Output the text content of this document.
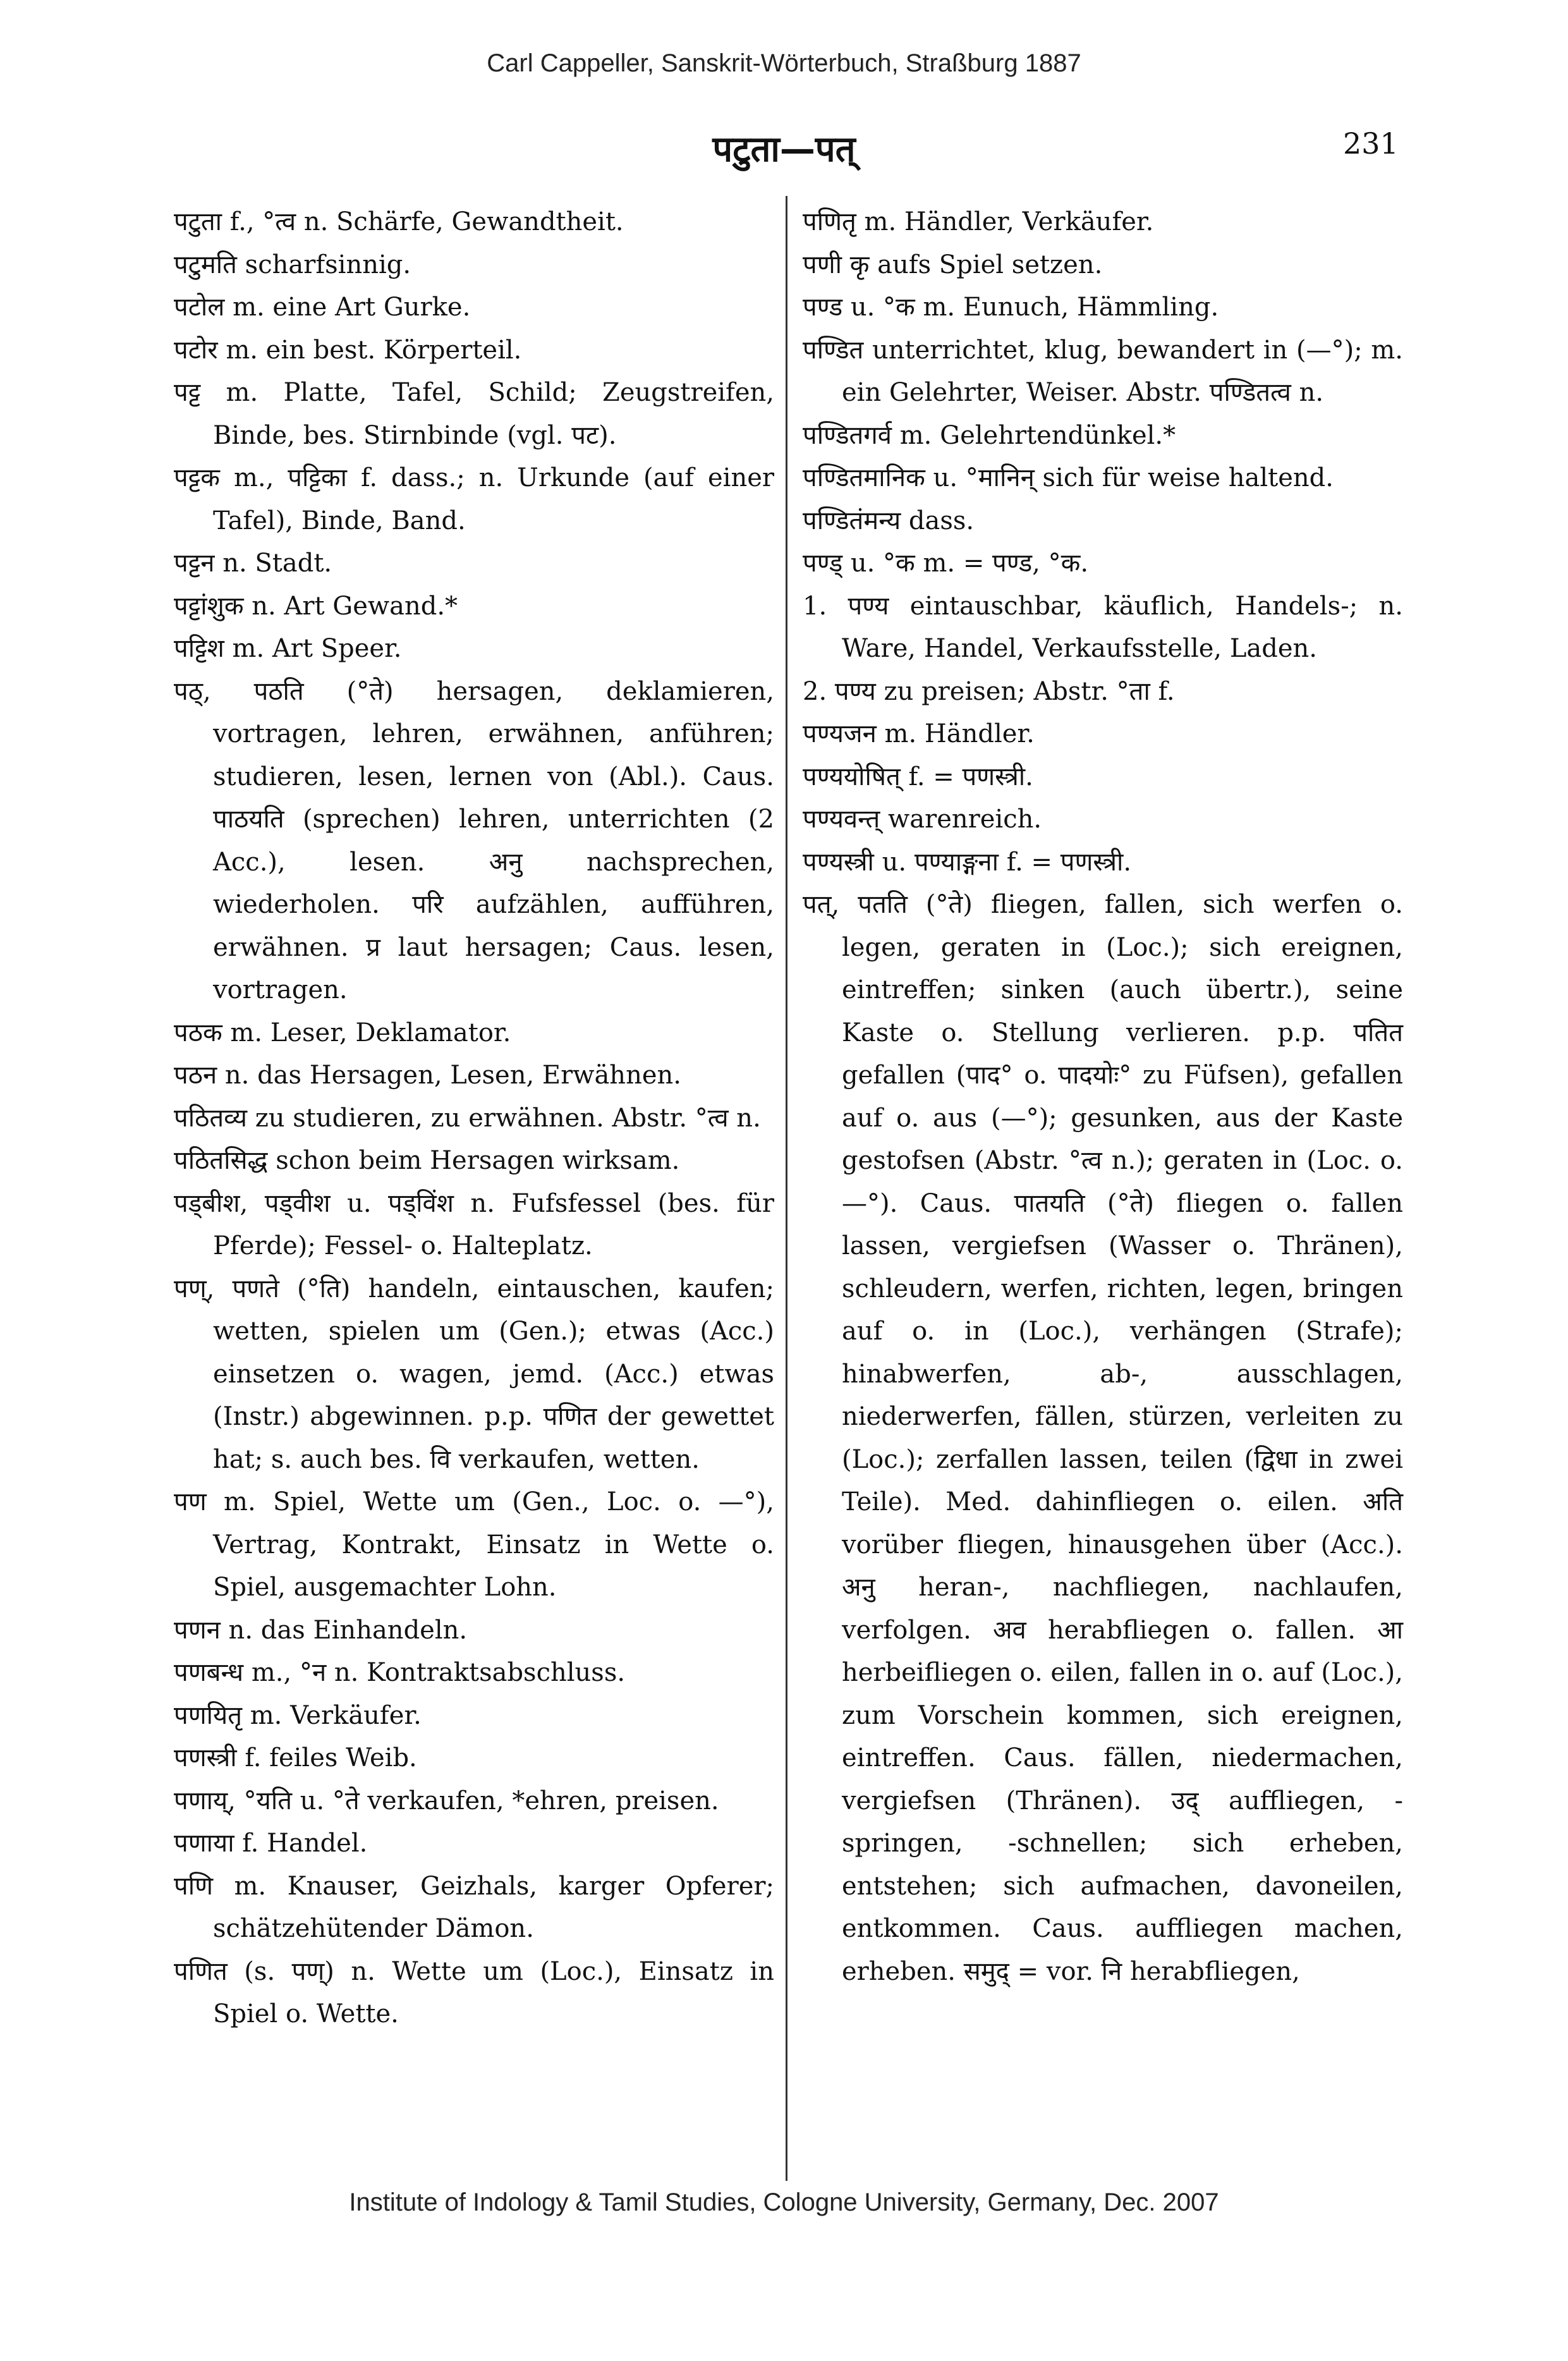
Carl Cappeller, Sanskrit-Wörterbuch, Straßburg 1887
पटुता—पत्	231

पटुता f., °त्व n. Schärfe, Gewandtheit.

पटुमति scharfsinnig.

पटोल m. eine Art Gurke.

पटोर m. ein best. Körperteil.

पट्ट m. Platte, Tafel, Schild; Zeugstreifen, Binde, bes. Stirnbinde (vgl. पट).

पट्टक m., पट्टिका f. dass.; n. Urkunde (auf einer Tafel), Binde, Band.

पट्टन n. Stadt.

पट्टांशुक n. Art Gewand.*

पट्टिश m. Art Speer.

पठ्, पठति (°ते) hersagen, deklamieren, vortragen, lehren, erwähnen, anführen; studieren, lesen, lernen von (Abl.). Caus. पाठयति (sprechen) lehren, unterrichten (2 Acc.), lesen. अनु nachsprechen, wiederholen. परि aufzählen, aufführen, erwähnen. प्र laut hersagen; Caus. lesen, vortragen.

पठक m. Leser, Deklamator.

पठन n. das Hersagen, Lesen, Erwähnen.

पठितव्य zu studieren, zu erwähnen. Abstr. °त्व n.

पठितसिद्ध schon beim Hersagen wirksam.

पड्बीश, पड्वीश u. पड्विंश n. Fufsfessel (bes. für Pferde); Fessel- o. Halteplatz.

पण्, पणते (°ति) handeln, eintauschen, kaufen; wetten, spielen um (Gen.); etwas (Acc.) einsetzen o. wagen, jemd. (Acc.) etwas (Instr.) abgewinnen. p.p. पणित der gewettet hat; s. auch bes. वि verkaufen, wetten.

पण m. Spiel, Wette um (Gen., Loc. o. —°), Vertrag, Kontrakt, Einsatz in Wette o. Spiel, ausgemachter Lohn.

पणन n. das Einhandeln.

पणबन्ध m., °न n. Kontraktsabschluss.

पणयितृ m. Verkäufer.

पणस्त्री f. feiles Weib.

पणाय्, °यति u. °ते verkaufen, *ehren, preisen.

पणाया f. Handel.

पणि m. Knauser, Geizhals, karger Opferer; schätzehütender Dämon.

पणित (s. पण्) n. Wette um (Loc.), Einsatz in Spiel o. Wette.

पणितृ m. Händler, Verkäufer.

पणी कृ aufs Spiel setzen.

पण्ड u. °क m. Eunuch, Hämmling.

पण्डित unterrichtet, klug, bewandert in (—°); m. ein Gelehrter, Weiser. Abstr. पण्डितत्व n.

पण्डितगर्व m. Gelehrtendünkel.*

पण्डितमानिक u. °मानिन् sich für weise haltend.

पण्डितंमन्य dass.

पण्ड् u. °क m. = पण्ड, °क.

1. पण्य eintauschbar, käuflich, Handels-; n. Ware, Handel, Verkaufsstelle, Laden.

2. पण्य zu preisen; Abstr. °ता f.

पण्यजन m. Händler.

पण्ययोषित् f. = पणस्त्री.

पण्यवन्त् warenreich.

पण्यस्त्री u. पण्याङ्गना f. = पणस्त्री.

पत्, पतति (°ते) fliegen, fallen, sich werfen o. legen, geraten in (Loc.); sich ereignen, eintreffen; sinken (auch übertr.), seine Kaste o. Stellung verlieren. p.p. पतित gefallen (पाद° o. पादयोः° zu Füfsen), gefallen auf o. aus (—°); gesunken, aus der Kaste gestofsen (Abstr. °त्व n.); geraten in (Loc. o. —°). Caus. पातयति (°ते) fliegen o. fallen lassen, vergiefsen (Wasser o. Thränen), schleudern, werfen, richten, legen, bringen auf o. in (Loc.), verhängen (Strafe); hinabwerfen, ab-, ausschlagen, niederwerfen, fällen, stürzen, verleiten zu (Loc.); zerfallen lassen, teilen (द्विधा in zwei Teile). Med. dahinfliegen o. eilen. अति vorüber fliegen, hinausgehen über (Acc.). अनु heran-, nachfliegen, nachlaufen, verfolgen. अव herabfliegen o. fallen. आ herbeifliegen o. eilen, fallen in o. auf (Loc.), zum Vorschein kommen, sich ereignen, eintreffen. Caus. fällen, niedermachen, vergiefsen (Thränen). उद् auffliegen, -springen, -schnellen; sich erheben, entstehen; sich aufmachen, davoneilen, entkommen. Caus. auffliegen machen, erheben. समुद् = vor. नि herabfliegen,

Institute of Indology & Tamil Studies, Cologne University, Germany, Dec. 2007
